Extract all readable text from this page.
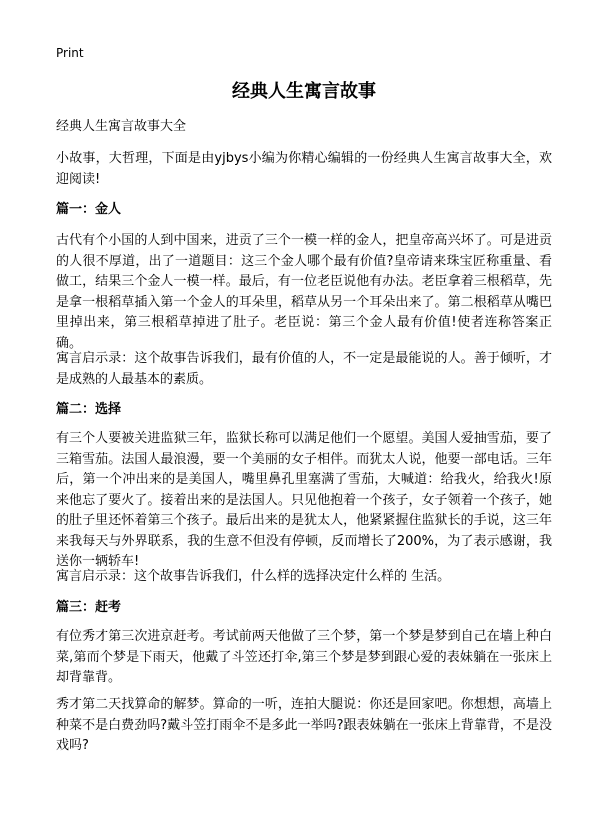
Print
经典人生寓言故事

经典人生寓言故事大全

小故事，大哲理，下面是由yjbys小编为你精心编辑的一份经典人生寓言故事大全，欢迎阅读!

篇一：金人

古代有个小国的人到中国来，进贡了三个一模一样的金人，把皇帝高兴坏了。可是进贡的人很不厚道，出了一道题目：这三个金人哪个最有价值?皇帝请来珠宝匠称重量、看做工，结果三个金人一模一样。最后，有一位老臣说他有办法。老臣拿着三根稻草，先是拿一根稻草插入第一个金人的耳朵里，稻草从另一个耳朵出来了。第二根稻草从嘴巴里掉出来，第三根稻草掉进了肚子。老臣说：第三个金人最有价值!使者连称答案正确。

寓言启示录：这个故事告诉我们，最有价值的人，不一定是最能说的人。善于倾听，才是成熟的人最基本的素质。

篇二：选择

有三个人要被关进监狱三年，监狱长称可以满足他们一个愿望。美国人爱抽雪茄，要了三箱雪茄。法国人最浪漫，要一个美丽的女子相伴。而犹太人说，他要一部电话。三年后，第一个冲出来的是美国人，嘴里鼻孔里塞满了雪茄，大喊道：给我火，给我火!原来他忘了要火了。接着出来的是法国人。只见他抱着一个孩子，女子领着一个孩子，她的肚子里还怀着第三个孩子。最后出来的是犹太人，他紧紧握住监狱长的手说，这三年来我每天与外界联系，我的生意不但没有停顿，反而增长了200%，为了表示感谢，我送你一辆轿车!

寓言启示录：这个故事告诉我们，什么样的选择决定什么样的 生活。

篇三：赶考

有位秀才第三次进京赶考。考试前两天他做了三个梦，第一个梦是梦到自己在墙上种白菜,第而个梦是下雨天，他戴了斗笠还打伞,第三个梦是梦到跟心爱的表妹躺在一张床上却背靠背。

秀才第二天找算命的解梦。算命的一听，连拍大腿说：你还是回家吧。你想想，高墙上种菜不是白费劲吗?戴斗笠打雨伞不是多此一举吗?跟表妹躺在一张床上背靠背，不是没戏吗?
